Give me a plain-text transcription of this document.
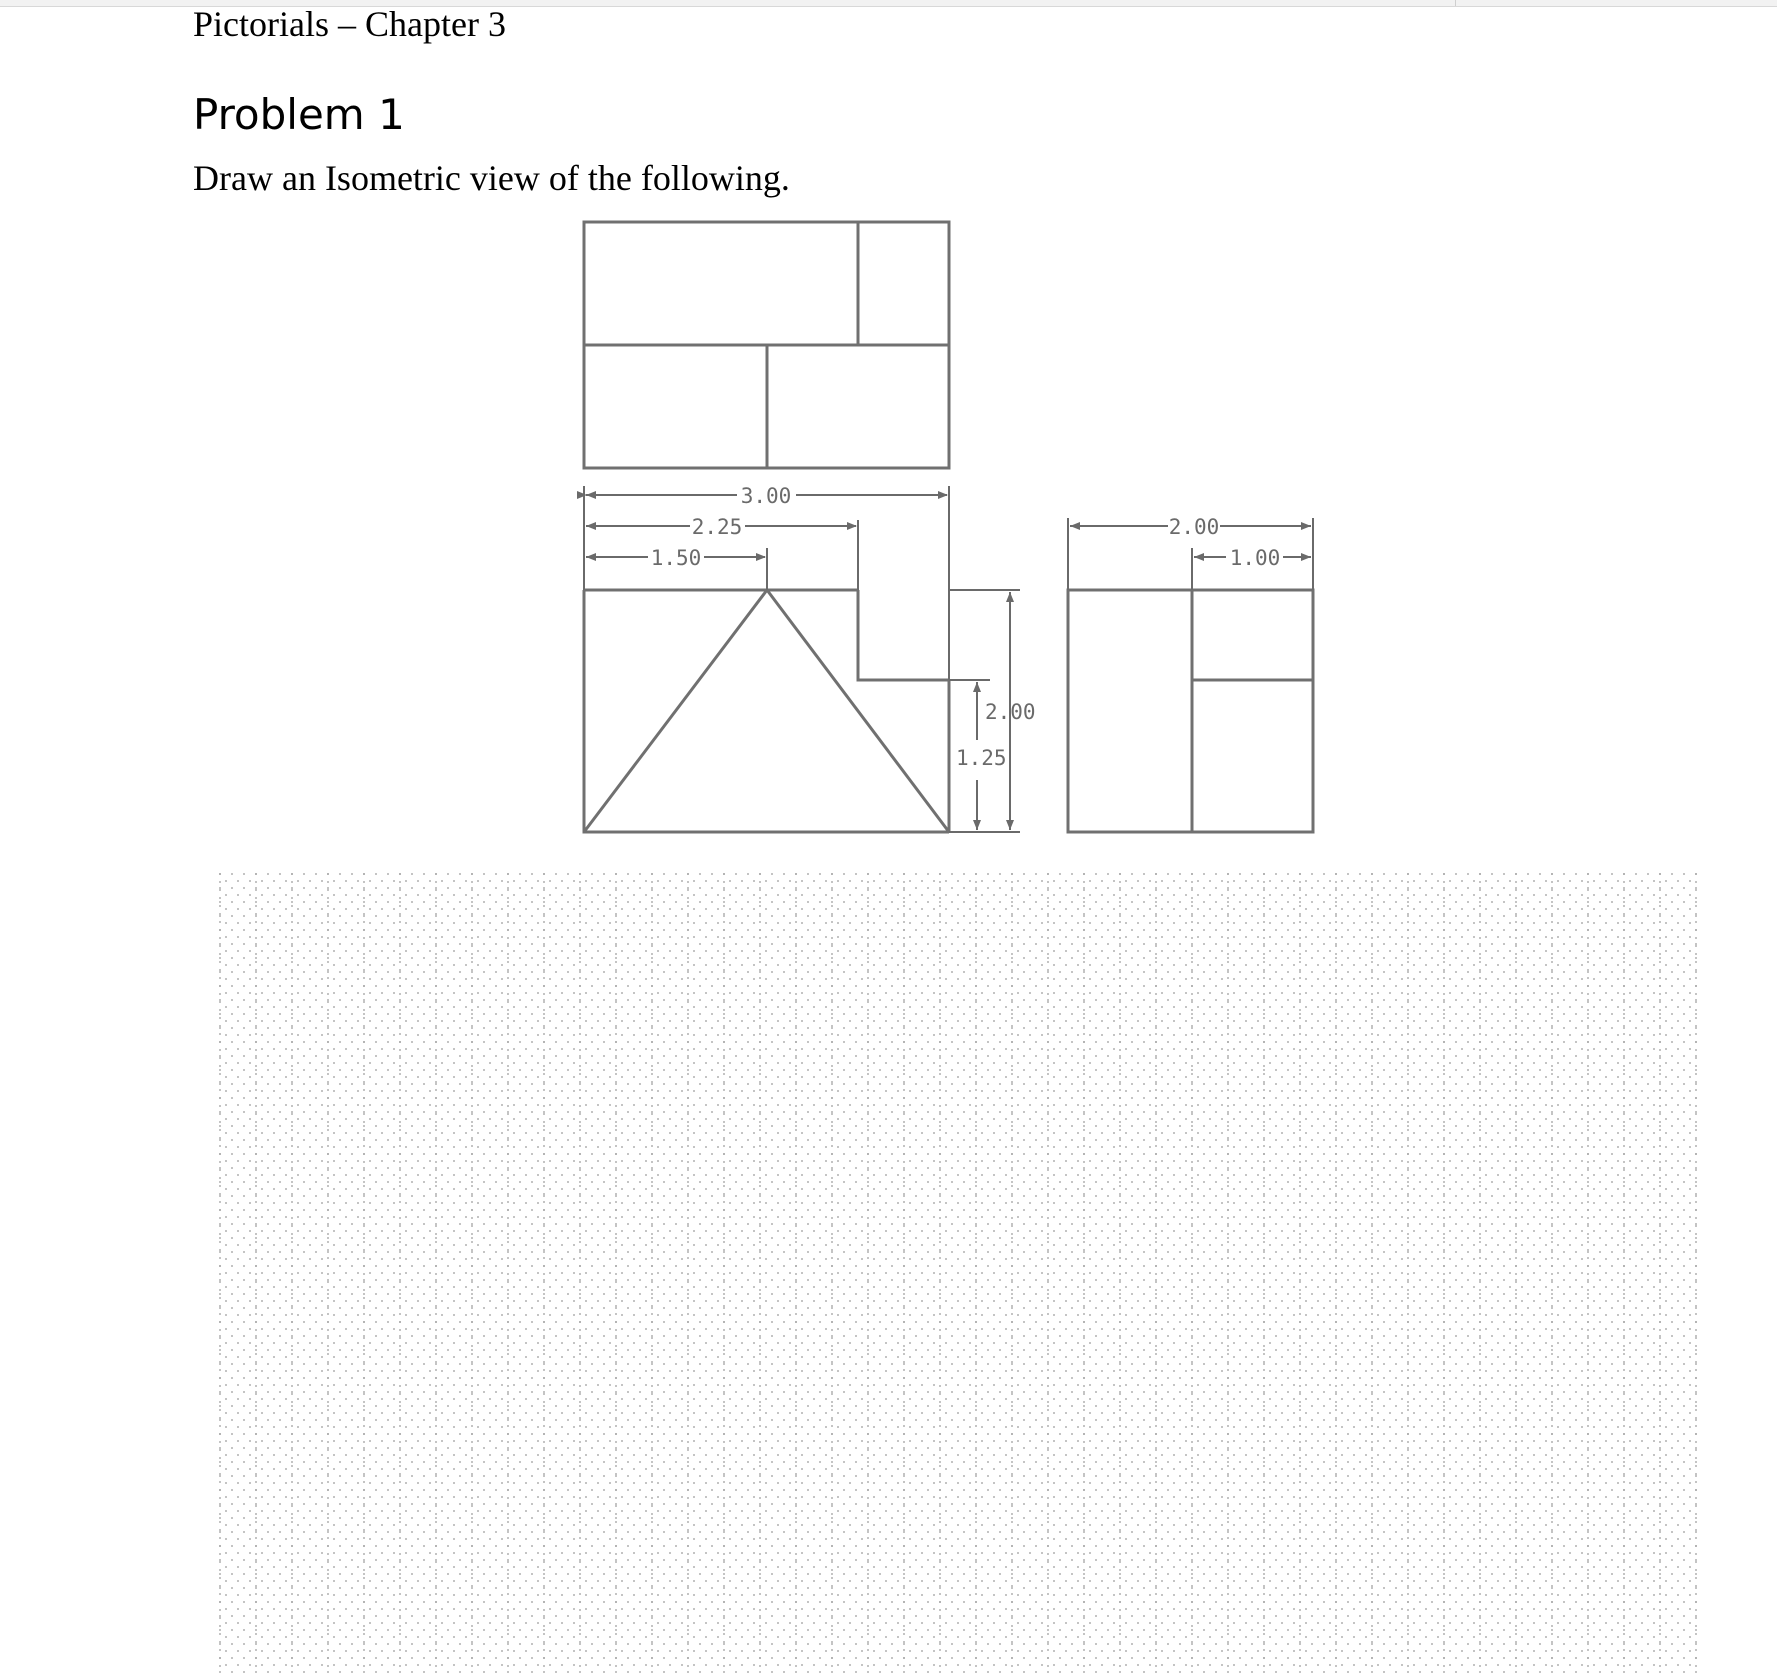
Pictorials – Chapter 3
Problem 1
Draw an Isometric view of the following.
3.00
2.25
1.50
2.00
1.25
2.00
1.00
